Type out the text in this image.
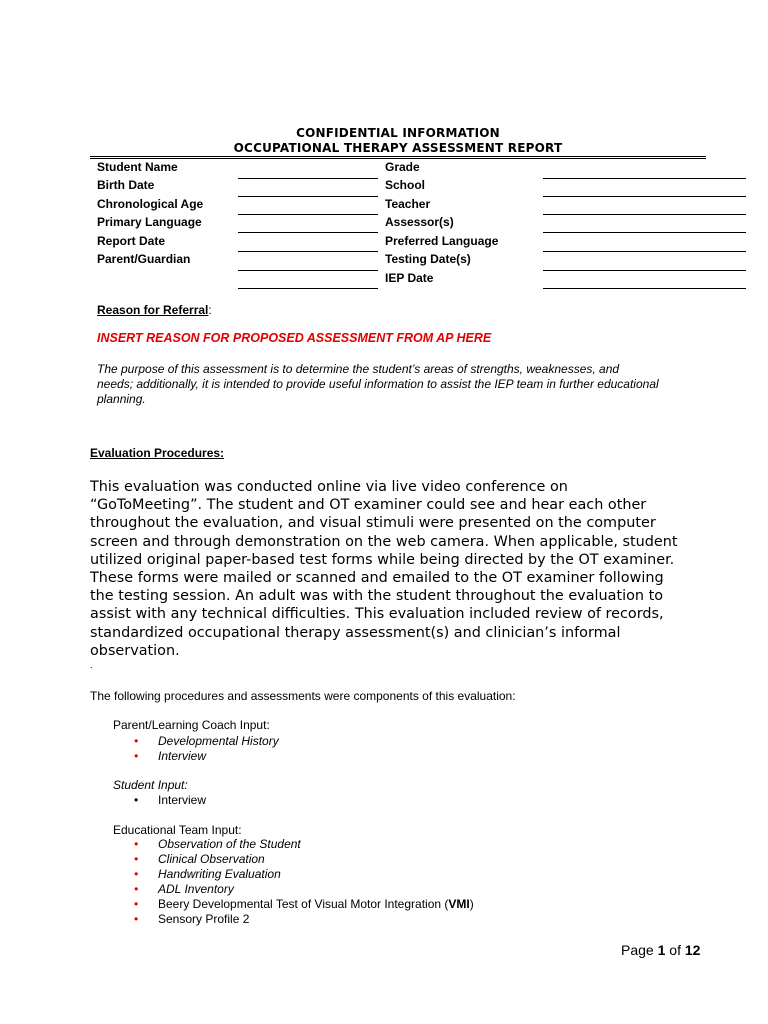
CONFIDENTIAL INFORMATION
OCCUPATIONAL THERAPY ASSESSMENT REPORT
Student Name
Birth Date
Chronological Age
Primary Language
Report Date
Parent/Guardian
Grade
School
Teacher
Assessor(s)
Preferred Language
Testing Date(s)
IEP Date
Reason for Referral:
INSERT REASON FOR PROPOSED ASSESSMENT FROM AP HERE
The purpose of this assessment is to determine the student’s areas of strengths, weaknesses, and
needs; additionally, it is intended to provide useful information to assist the IEP team in further educational
planning.
Evaluation Procedures:
This evaluation was conducted online via live video conference on
“GoToMeeting”. The student and OT examiner could see and hear each other
throughout the evaluation, and visual stimuli were presented on the computer
screen and through demonstration on the web camera. When applicable, student
utilized original paper-based test forms while being directed by the OT examiner.
These forms were mailed or scanned and emailed to the OT examiner following
the testing session. An adult was with the student throughout the evaluation to
assist with any technical difficulties. This evaluation included review of records,
standardized occupational therapy assessment(s) and clinician’s informal
observation.
.
The following procedures and assessments were components of this evaluation:
Parent/Learning Coach Input:
• Developmental History
• Interview
Student Input:
• Interview
Educational Team Input:
• Observation of the Student
• Clinical Observation
• Handwriting Evaluation
• ADL Inventory
• Beery Developmental Test of Visual Motor Integration (VMI)
• Sensory Profile 2
Page 1 of 12
